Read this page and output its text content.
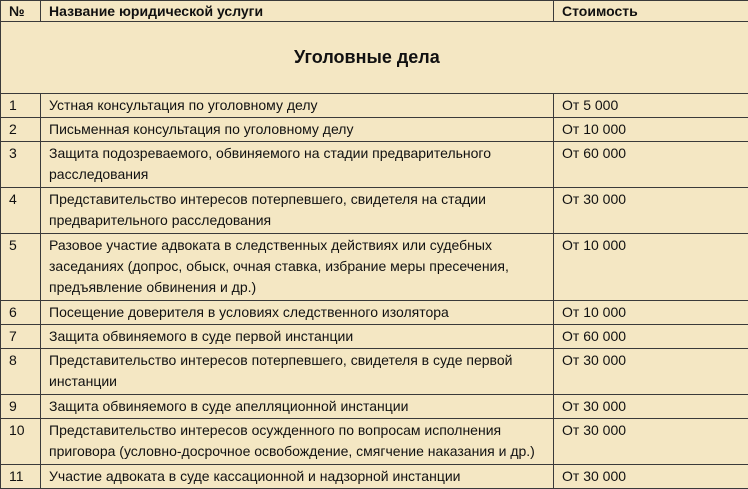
№	Название юридической услуги	Стоимость
Уголовные дела		
1	Устная консультация по уголовному делу	От 5 000
2	Письменная консультация по уголовному делу	От 10 000
3	Защита подозреваемого, обвиняемого на стадии предварительного расследования	От 60 000
4	Представительство интересов потерпевшего, свидетеля на стадии предварительного расследования	От 30 000
5	Разовое участие адвоката в следственных действиях или судебных заседаниях (допрос, обыск, очная ставка, избрание меры пресечения, предъявление обвинения и др.)	От 10 000
6	Посещение доверителя в условиях следственного изолятора	От 10 000
7	Защита обвиняемого в суде первой инстанции	От 60 000
8	Представительство интересов потерпевшего, свидетеля в суде первой инстанции	От 30 000
9	Защита обвиняемого в суде апелляционной инстанции	От 30 000
10	Представительство интересов осужденного по вопросам исполнения приговора (условно-досрочное освобождение, смягчение наказания и др.)	От 30 000
11	Участие адвоката в суде кассационной и надзорной инстанции	От 30 000
